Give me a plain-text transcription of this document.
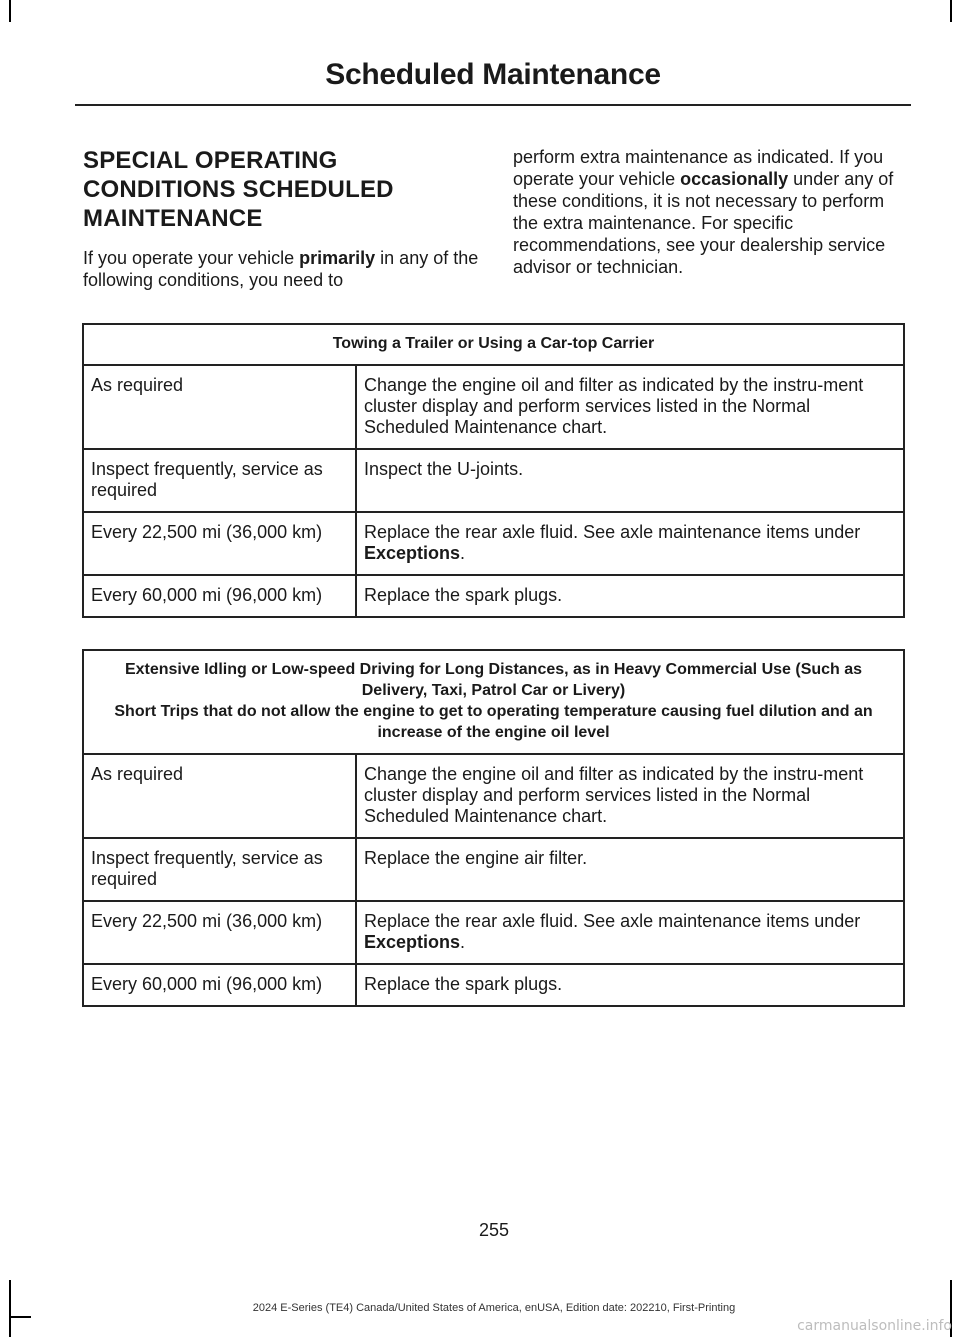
Scheduled Maintenance
SPECIAL OPERATING
CONDITIONS SCHEDULED
MAINTENANCE

If you operate your vehicle primarily in any of the following conditions, you need to

perform extra maintenance as indicated. If you operate your vehicle occasionally under any of these conditions, it is not necessary to perform the extra maintenance. For specific recommendations, see your dealership service advisor or technician.

Towing a Trailer or Using a Car-top Carrier	
As required	Change the engine oil and filter as indicated by the instru-ment cluster display and perform services listed in the Normal Scheduled Maintenance chart.
Inspect frequently, service as required	Inspect the U-joints.
Every 22,500 mi (36,000 km)	Replace the rear axle fluid. See axle maintenance items under Exceptions.
Every 60,000 mi (96,000 km)	Replace the spark plugs.
Extensive Idling or Low-speed Driving for Long Distances, as in Heavy Commercial Use (Such as Delivery, Taxi, Patrol Car or Livery)
Short Trips that do not allow the engine to get to operating temperature causing fuel dilution and an increase of the engine oil level	

As required	Change the engine oil and filter as indicated by the instru-ment cluster display and perform services listed in the Normal Scheduled Maintenance chart.
Inspect frequently, service as required	Replace the engine air filter.
Every 22,500 mi (36,000 km)	Replace the rear axle fluid. See axle maintenance items under Exceptions.
Every 60,000 mi (96,000 km)	Replace the spark plugs.
255
2024 E-Series (TE4) Canada/United States of America, enUSA, Edition date: 202210, First-Printing
carmanualsonline.info
